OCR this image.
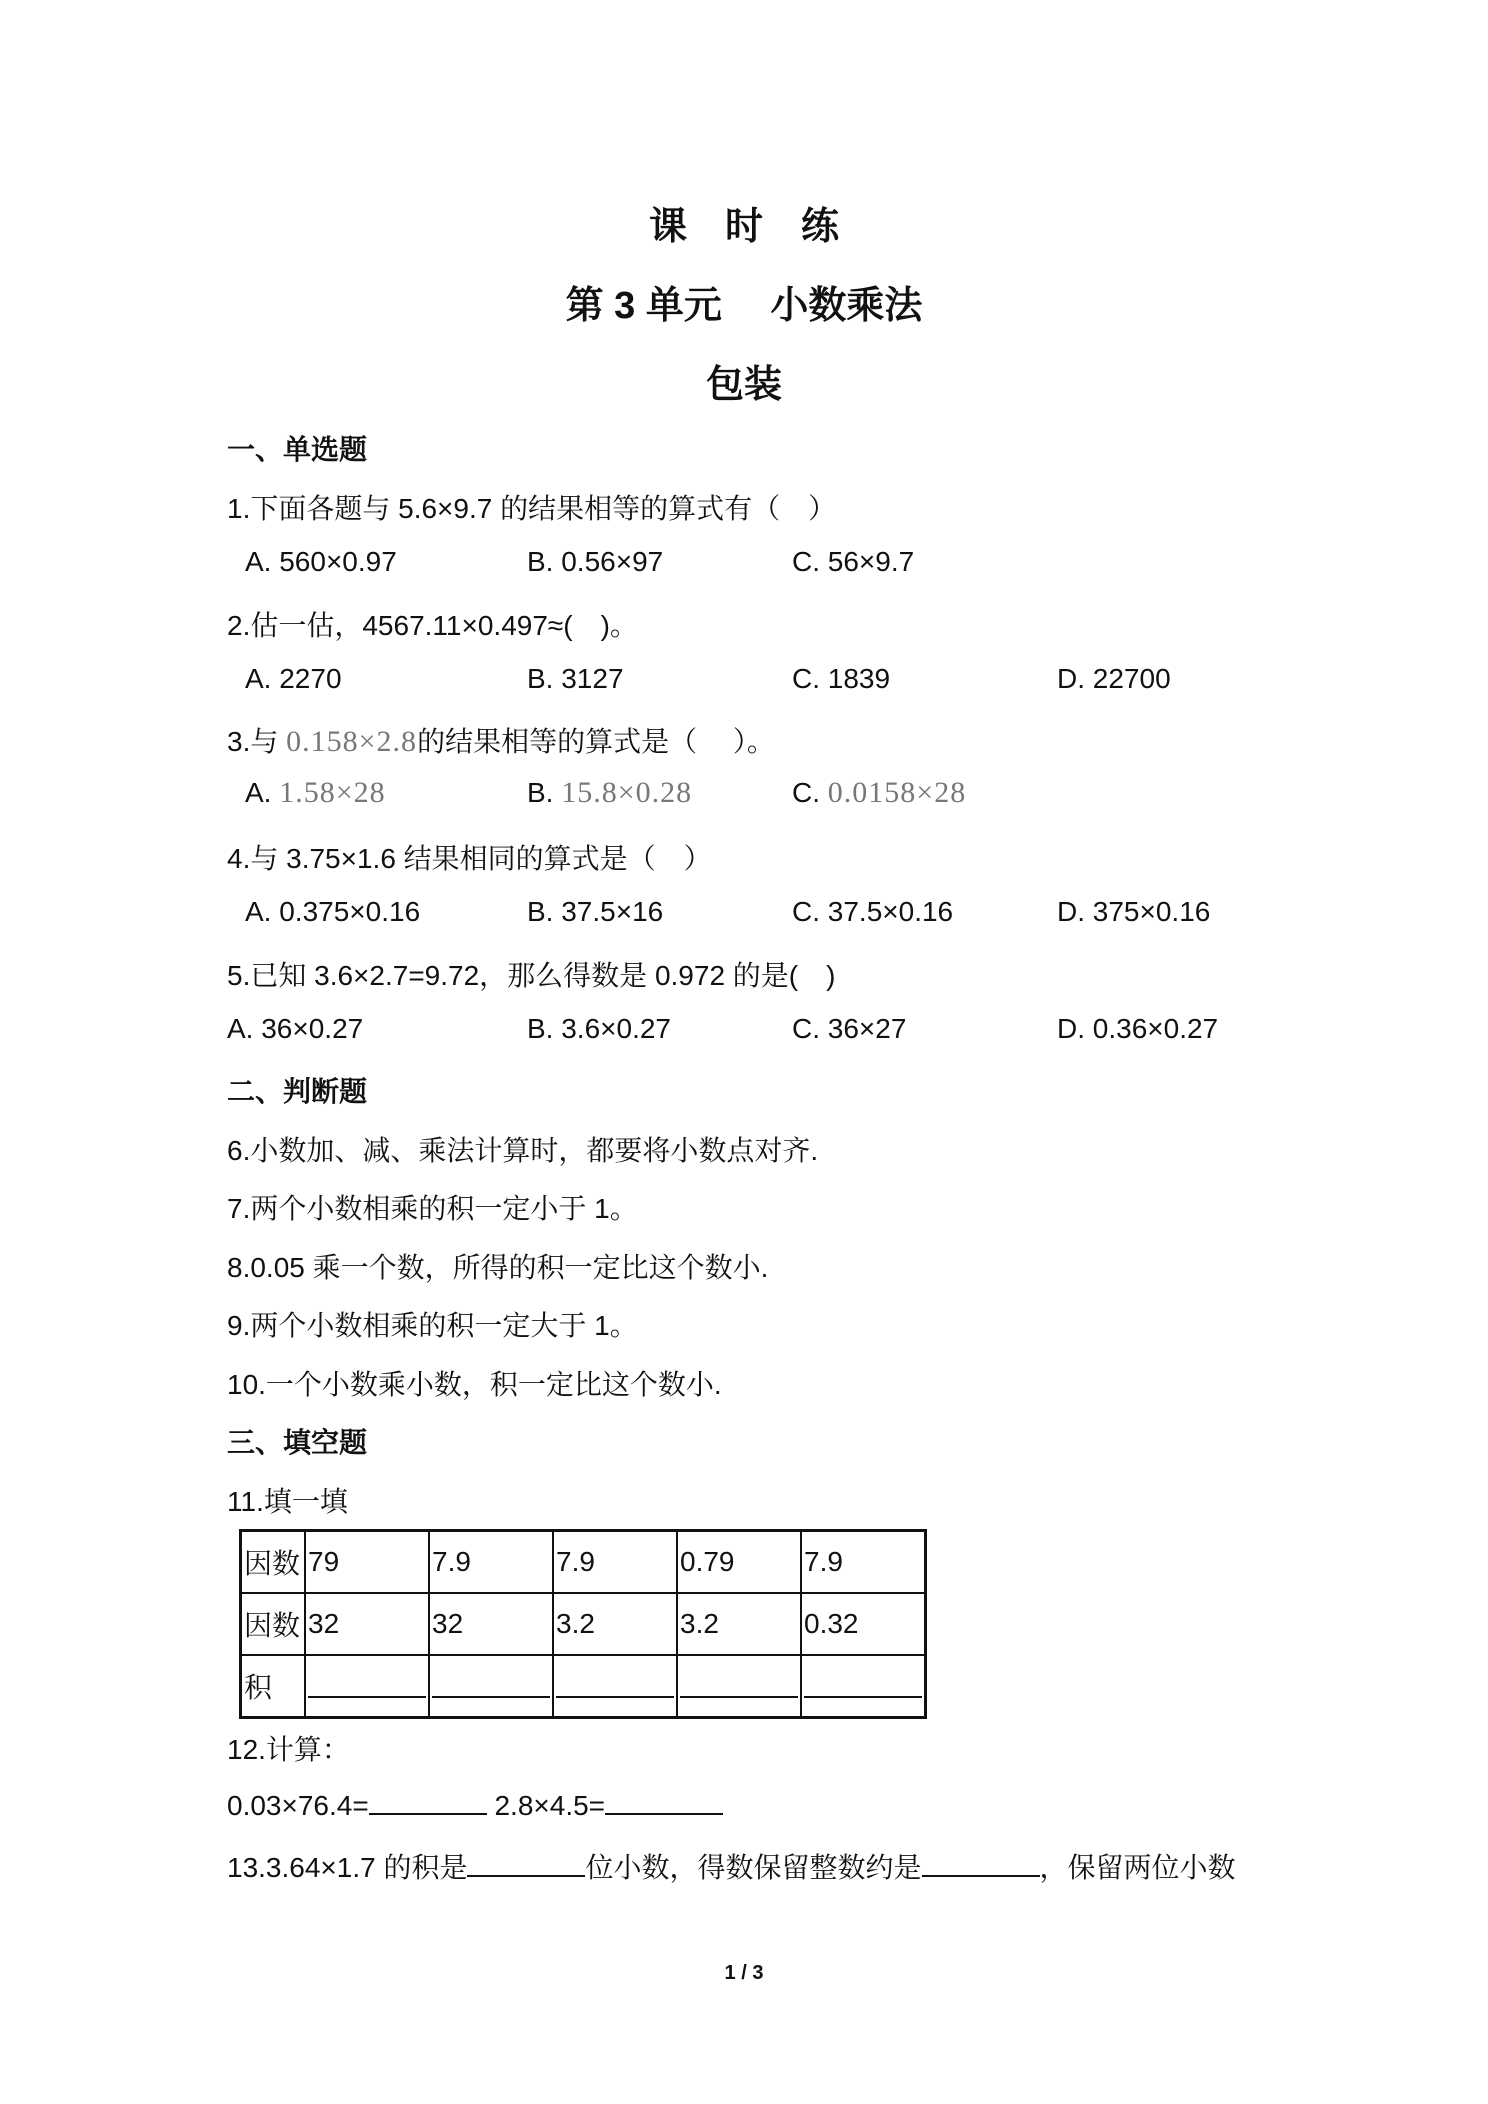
课　时　练
第 3 单元　 小数乘法
包装
一、单选题
1.下面各题与 5.6×9.7 的结果相等的算式有（　）
A. 560×0.97	B. 0.56×97	C. 56×9.7
2.估一估，4567.11×0.497≈(　)。
A. 2270	B. 3127	C. 1839	D. 22700
3.与 0.158×2.8的结果相等的算式是（　 ）。
A. 1.58×28	B. 15.8×0.28	C. 0.0158×28
4.与 3.75×1.6 结果相同的算式是（　）
A. 0.375×0.16	B. 37.5×16	C. 37.5×0.16	D. 375×0.16
5.已知 3.6×2.7=9.72，那么得数是 0.972 的是(　)
A. 36×0.27	B. 3.6×0.27	C. 36×27	D. 0.36×0.27
二、判断题
6.小数加、减、乘法计算时，都要将小数点对齐.
7.两个小数相乘的积一定小于 1。
8.0.05 乘一个数，所得的积一定比这个数小.
9.两个小数相乘的积一定大于 1。
10.一个小数乘小数，积一定比这个数小.
三、填空题
11.填一填
因数	79	7.9	7.9	0.79	7.9
因数	32	32	3.2	3.2	0.32
积					
12.计算：
0.03×76.4=	2.8×4.5=
13.3.64×1.7 的积是	位小数，得数保留整数约是	，保留两位小数
1 / 3
